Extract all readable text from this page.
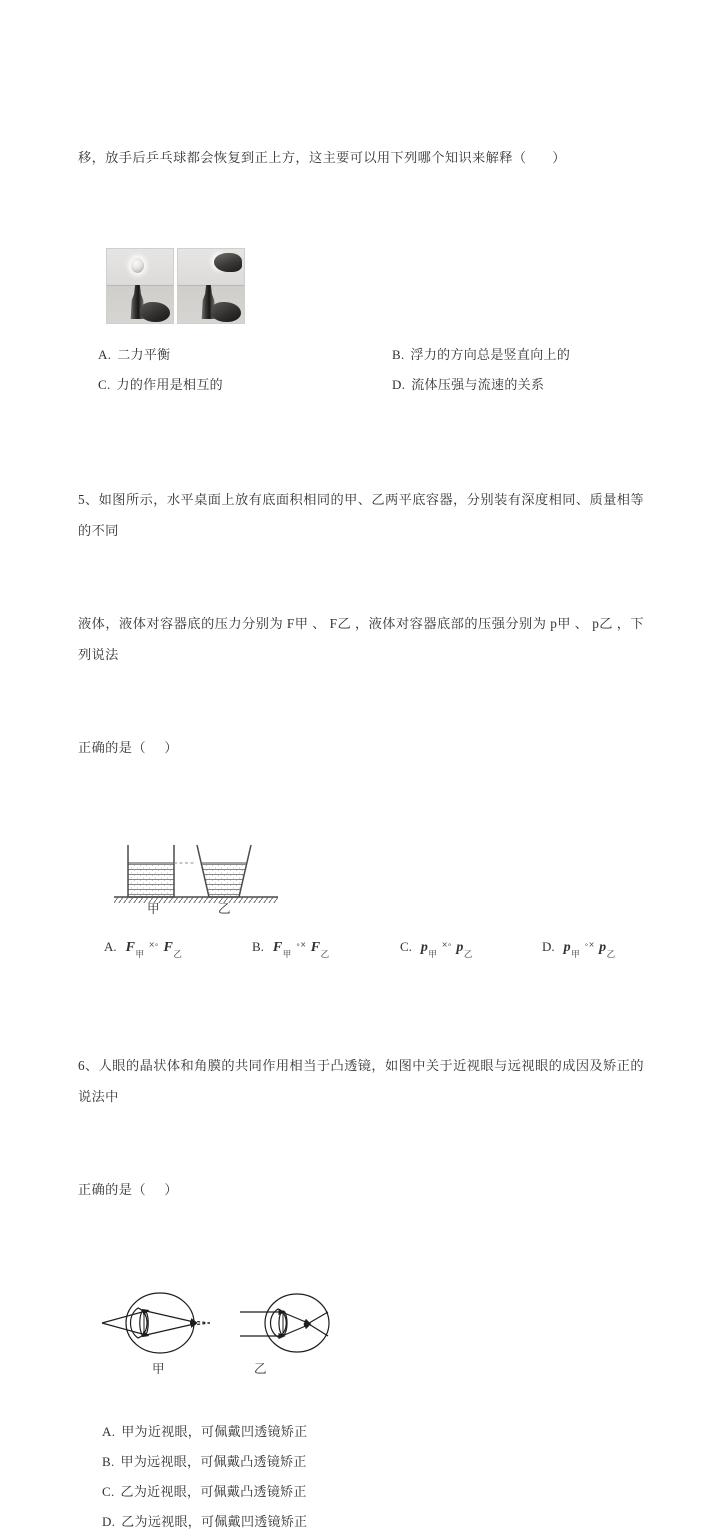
移，放手后乒乓球都会恢复到正上方，这主要可以用下列哪个知识来解释（       ）

A. 二力平衡	B. 浮力的方向总是竖直向上的
C. 力的作用是相互的	D. 流体压强与流速的关系

5、如图所示，水平桌面上放有底面积相同的甲、乙两平底容器，分别装有深度相同、质量相等的不同

液体，液体对容器底的压力分别为 F甲 、 F乙 ，液体对容器底部的压强分别为 p甲 、 p乙 ，下列说法

正确的是（     ）

甲	乙
A. $F_甲$
×∘ $F_乙$	B. $F_甲$
∘× $F_乙$	C. $p_甲$
×∘ $p_乙$	D. $p_甲$
∘× $p_乙$

6、人眼的晶状体和角膜的共同作用相当于凸透镜，如图中关于近视眼与远视眼的成因及矫正的说法中

正确的是（     ）

甲	乙
A. 甲为近视眼，可佩戴凹透镜矫正
B. 甲为远视眼，可佩戴凸透镜矫正
C. 乙为近视眼，可佩戴凸透镜矫正
D. 乙为远视眼，可佩戴凹透镜矫正
